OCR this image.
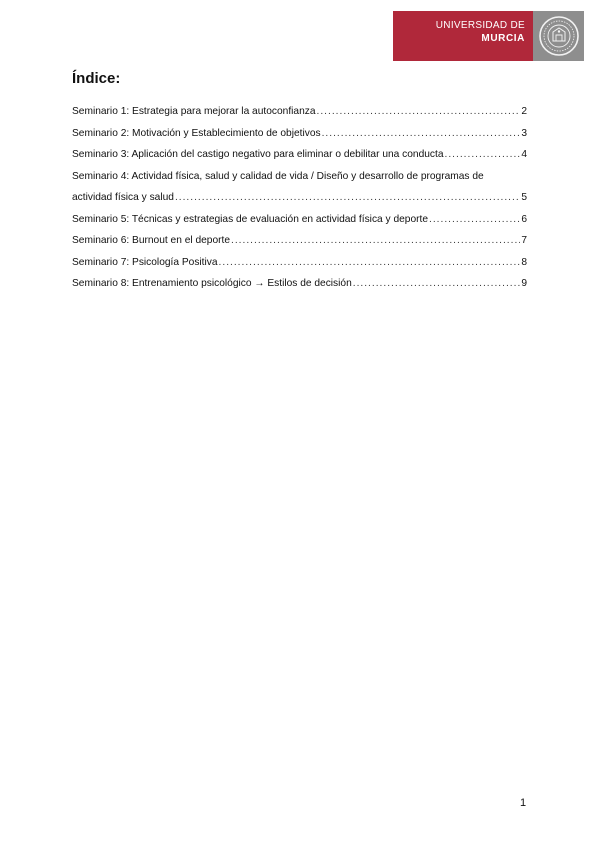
UNIVERSIDAD DE
MURCIA
Índice:
Seminario 1: Estrategia para mejorar la autoconfianza .....	2
Seminario 2: Motivación y Establecimiento de objetivos .....	3
Seminario 3: Aplicación del castigo negativo para eliminar o debilitar una conducta .....	4
Seminario 4: Actividad física, salud y calidad de vida / Diseño y desarrollo de programas de
actividad física y salud .....	5
Seminario 5: Técnicas y estrategias de evaluación en actividad física y deporte .....	6
Seminario 6: Burnout en el deporte .....	7
Seminario 7: Psicología Positiva .....	8
Seminario 8: Entrenamiento psicológico → Estilos de decisión .....	9
1
